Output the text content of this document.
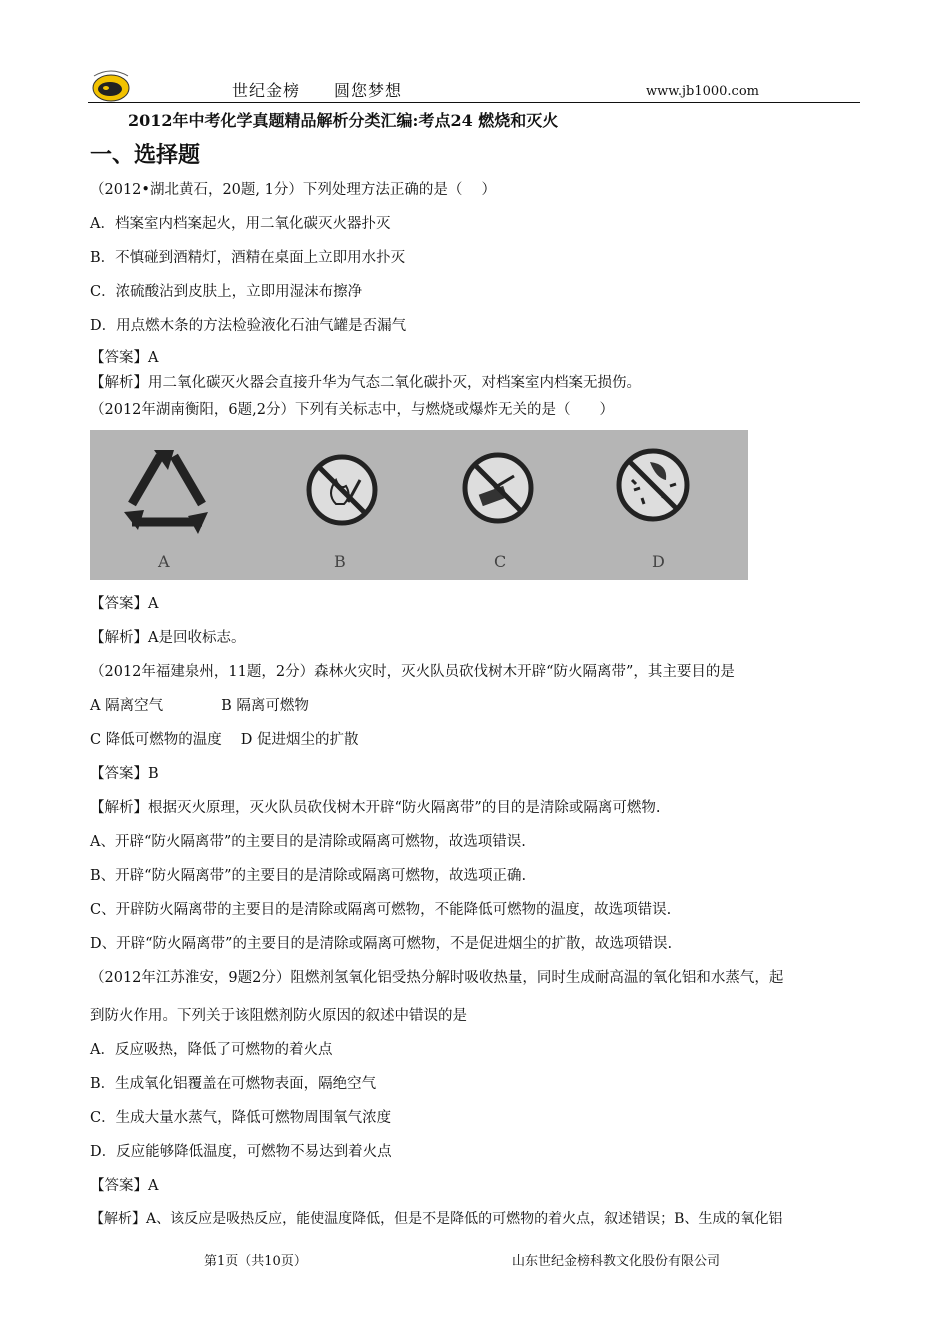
世纪金榜 圆您梦想	www.jb1000.com
2012年中考化学真题精品解析分类汇编:考点24 燃烧和灭火
一、选择题
（2012•湖北黄石，20题, 1分）下列处理方法正确的是（　 ）
A．档案室内档案起火，用二氧化碳灭火器扑灭
B．不慎碰到酒精灯，酒精在桌面上立即用水扑灭
C．浓硫酸沾到皮肤上，立即用湿沫布擦净
D．用点燃木条的方法检验液化石油气罐是否漏气
【答案】A
【解析】用二氧化碳灭火器会直接升华为气态二氧化碳扑灭，对档案室内档案无损伤。
（2012年湖南衡阳，6题,2分）下列有关标志中，与燃烧或爆炸无关的是（　　）
A	B	C	D
【答案】A
【解析】A是回收标志。
（2012年福建泉州，11题，2分）森林火灾时，灭火队员砍伐树木开辟“防火隔离带”，其主要目的是
A 隔离空气　　　　B 隔离可燃物
C 降低可燃物的温度　 D 促进烟尘的扩散
【答案】B
【解析】根据灭火原理，灭火队员砍伐树木开辟“防火隔离带”的目的是清除或隔离可燃物.
A、开辟“防火隔离带”的主要目的是清除或隔离可燃物，故选项错误.
B、开辟“防火隔离带”的主要目的是清除或隔离可燃物，故选项正确.
C、开辟防火隔离带的主要目的是清除或隔离可燃物，不能降低可燃物的温度，故选项错误.
D、开辟“防火隔离带”的主要目的是清除或隔离可燃物，不是促进烟尘的扩散，故选项错误.
（2012年江苏淮安，9题2分）阻燃剂氢氧化铝受热分解时吸收热量，同时生成耐高温的氧化铝和水蒸气，起
到防火作用。下列关于该阻燃剂防火原因的叙述中错误的是
A．反应吸热，降低了可燃物的着火点
B．生成氧化铝覆盖在可燃物表面，隔绝空气
C．生成大量水蒸气，降低可燃物周围氧气浓度
D．反应能够降低温度，可燃物不易达到着火点
【答案】A
【解析】A、该反应是吸热反应，能使温度降低，但是不是降低的可燃物的着火点，叙述错误；B、生成的氧化铝
第1页（共10页）	山东世纪金榜科教文化股份有限公司
